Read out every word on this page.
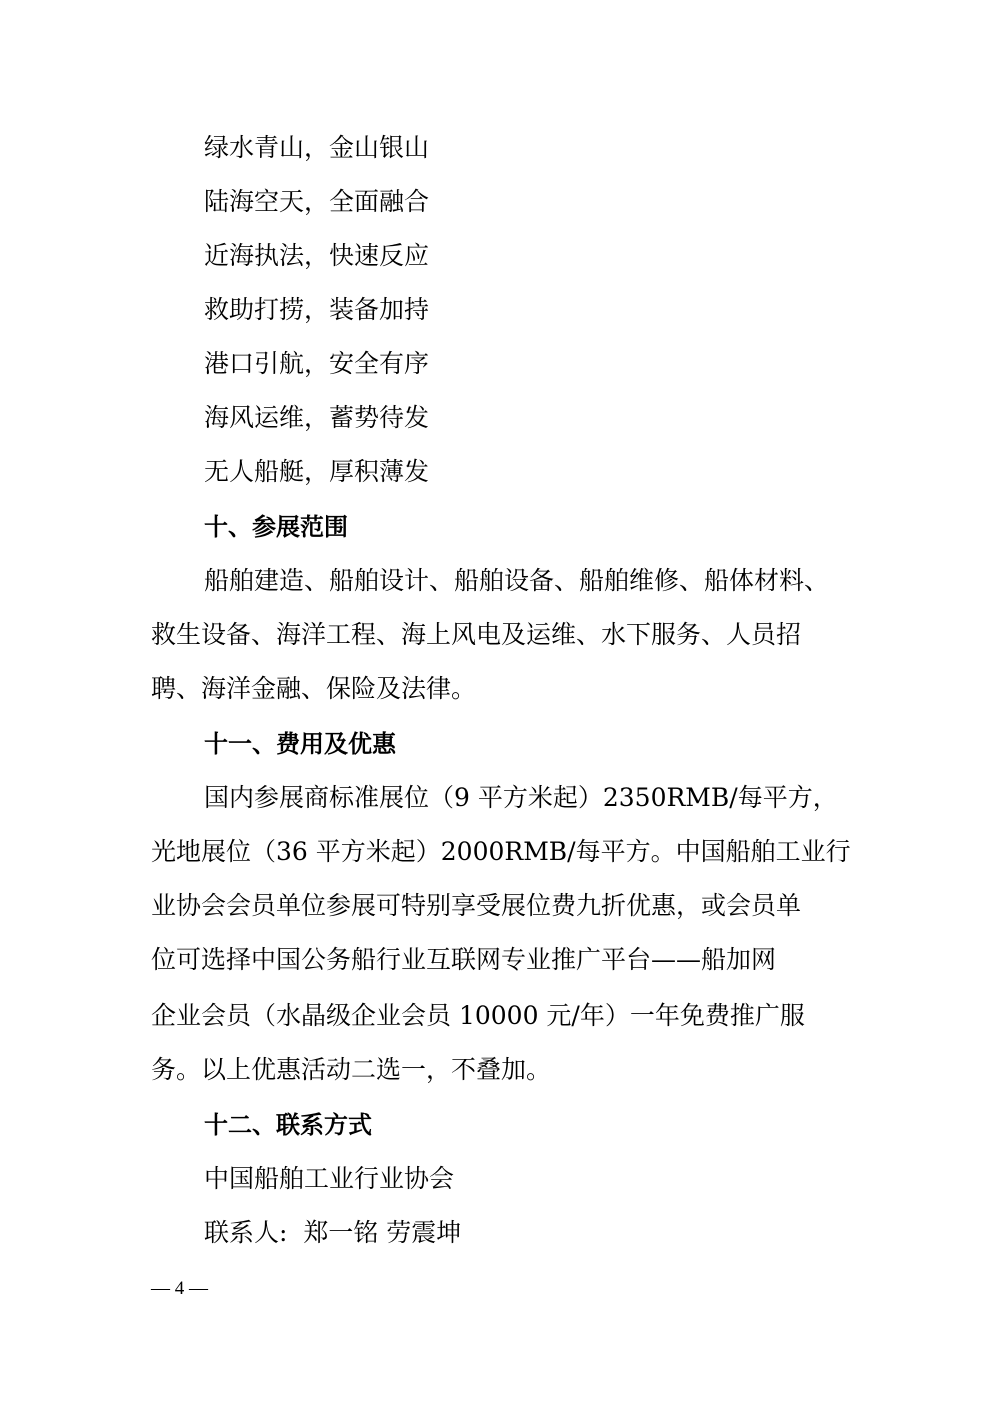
绿水青山，金山银山
陆海空天，全面融合
近海执法，快速反应
救助打捞，装备加持
港口引航，安全有序
海风运维，蓄势待发
无人船艇，厚积薄发
十、参展范围
船舶建造、船舶设计、船舶设备、船舶维修、船体材料、
救生设备、海洋工程、海上风电及运维、水下服务、人员招
聘、海洋金融、保险及法律。
十一、费用及优惠
国内参展商标准展位（9 平方米起）2350RMB/每平方，
光地展位（36 平方米起）2000RMB/每平方。中国船舶工业行
业协会会员单位参展可特别享受展位费九折优惠，或会员单
位可选择中国公务船行业互联网专业推广平台——船加网
企业会员（水晶级企业会员 10000 元/年）一年免费推广服
务。以上优惠活动二选一，不叠加。
十二、联系方式
中国船舶工业行业协会
联系人:  郑一铭 劳震坤
— 4 —
